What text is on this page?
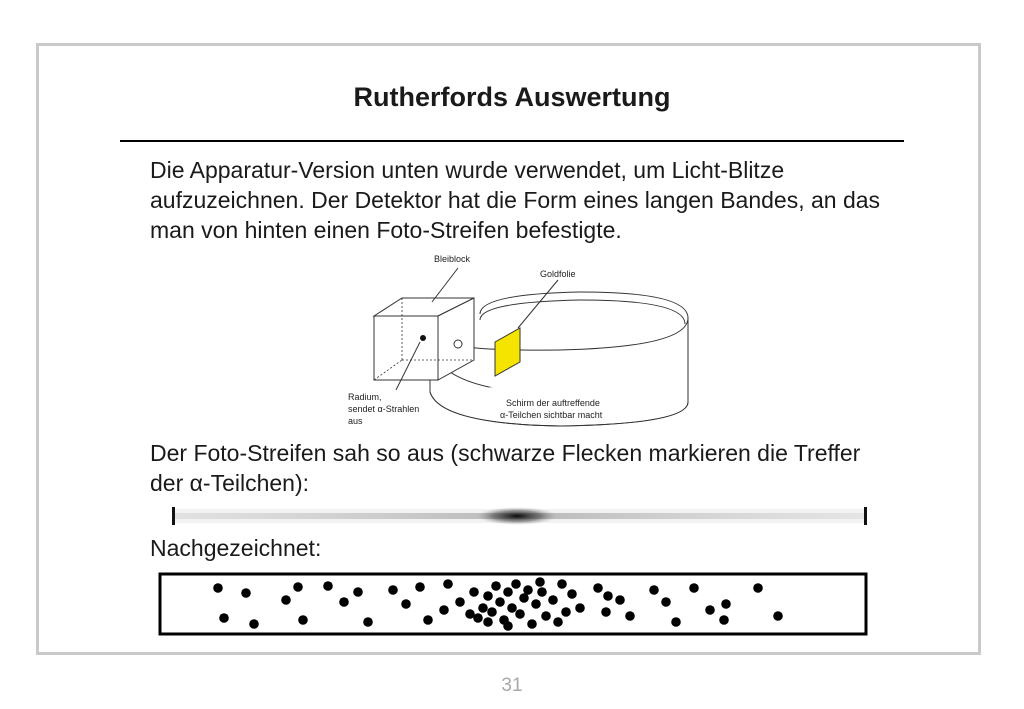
Rutherfords Auswertung
Die Apparatur-Version unten wurde verwendet, um Licht-Blitze aufzuzeichnen. Der Detektor hat die Form eines langen Bandes, an das man von hinten einen Foto-Streifen befestigte.
Bleiblock
Goldfolie
Radium,
sendet α-Strahlen
aus
Schirm der auftreffende
α-Teilchen sichtbar macht
Der Foto-Streifen sah so aus (schwarze Flecken markieren die Treffer der α-Teilchen):
Nachgezeichnet:
31
